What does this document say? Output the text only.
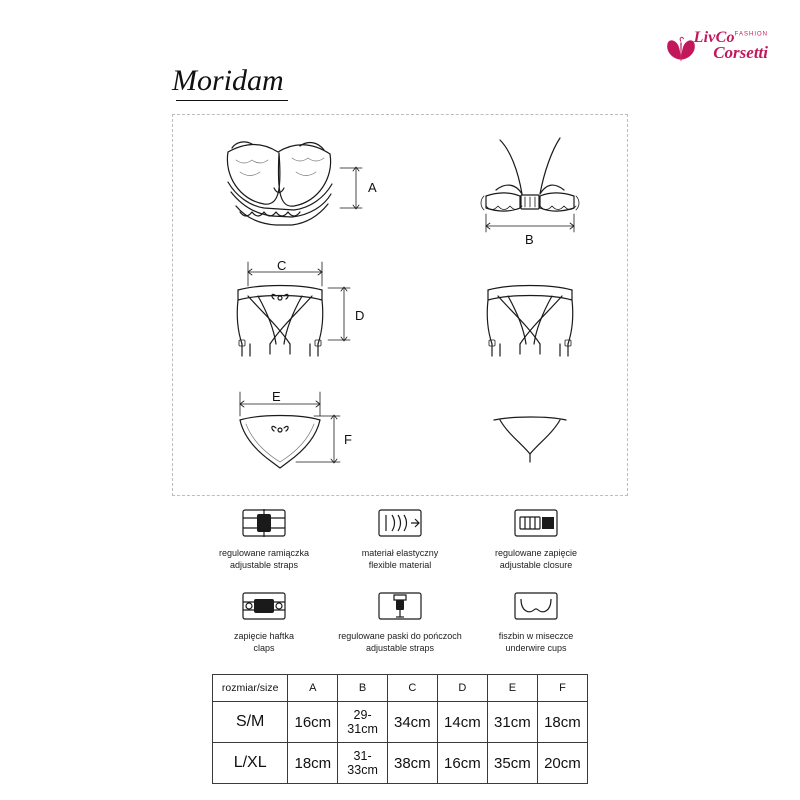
LivCo$^{FASHION}$
Corsetti
Moridam
A
B
C
D
E
F
regulowane ramiączka
adjustable straps
materiał elastyczny
flexible material
regulowane zapięcie
adjustable closure
zapięcie haftka
claps
regulowane paski do pończoch
adjustable straps
fiszbin w miseczce
underwire cups
rozmiar/size	A	B	C	D	E	F
S/M	16cm	29-31cm	34cm	14cm	31cm	18cm
L/XL	18cm	31-33cm	38cm	16cm	35cm	20cm
